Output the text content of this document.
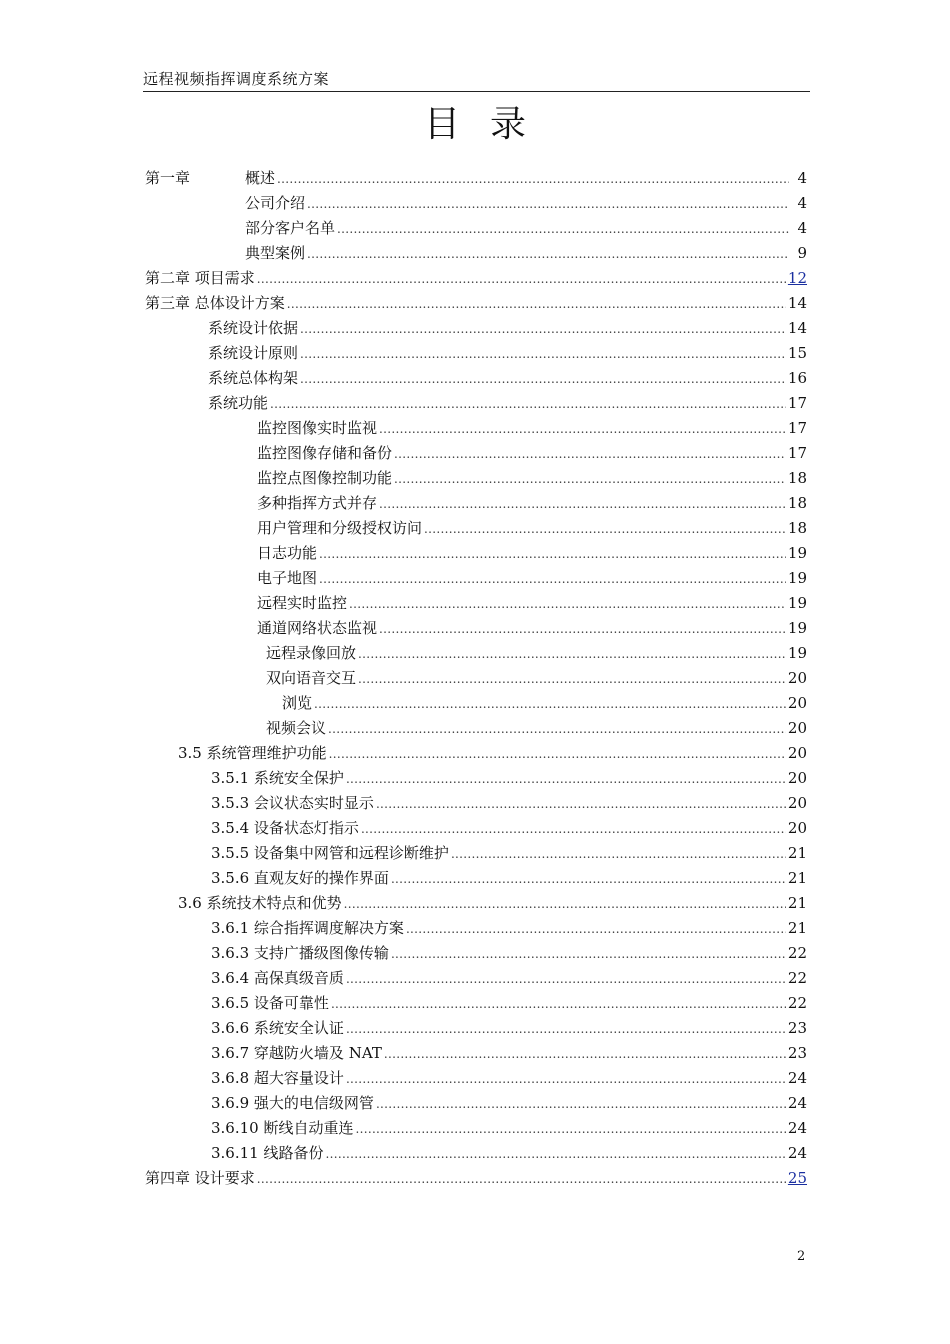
远程视频指挥调度系统方案
目录
第一章	概述 .....	4
公司介绍 .....	4
部分客户名单 .....	4
典型案例 .....	9
第二章 项目需求 .....	12
第三章 总体设计方案 .....	14
系统设计依据 .....	14
系统设计原则 .....	15
系统总体构架 .....	16
系统功能 .....	17
监控图像实时监视 .....	17
监控图像存储和备份 .....	17
监控点图像控制功能 .....	18
多种指挥方式并存 .....	18
用户管理和分级授权访问 .....	18
日志功能 .....	19
电子地图 .....	19
远程实时监控 .....	19
通道网络状态监视 .....	19
远程录像回放 .....	19
双向语音交互 .....	20
浏览 .....	20
视频会议 .....	20
3.5 系统管理维护功能 .....	20
3.5.1 系统安全保护 .....	20
3.5.3 会议状态实时显示 .....	20
3.5.4 设备状态灯指示 .....	20
3.5.5 设备集中网管和远程诊断维护 .....	21
3.5.6 直观友好的操作界面 .....	21
3.6 系统技术特点和优势 .....	21
3.6.1 综合指挥调度解决方案 .....	21
3.6.3 支持广播级图像传输 .....	22
3.6.4 高保真级音质 .....	22
3.6.5 设备可靠性 .....	22
3.6.6 系统安全认证 .....	23
3.6.7 穿越防火墙及 NAT .....	23
3.6.8 超大容量设计 .....	24
3.6.9 强大的电信级网管 .....	24
3.6.10 断线自动重连 .....	24
3.6.11 线路备份 .....	24
第四章 设计要求 .....	25
2
